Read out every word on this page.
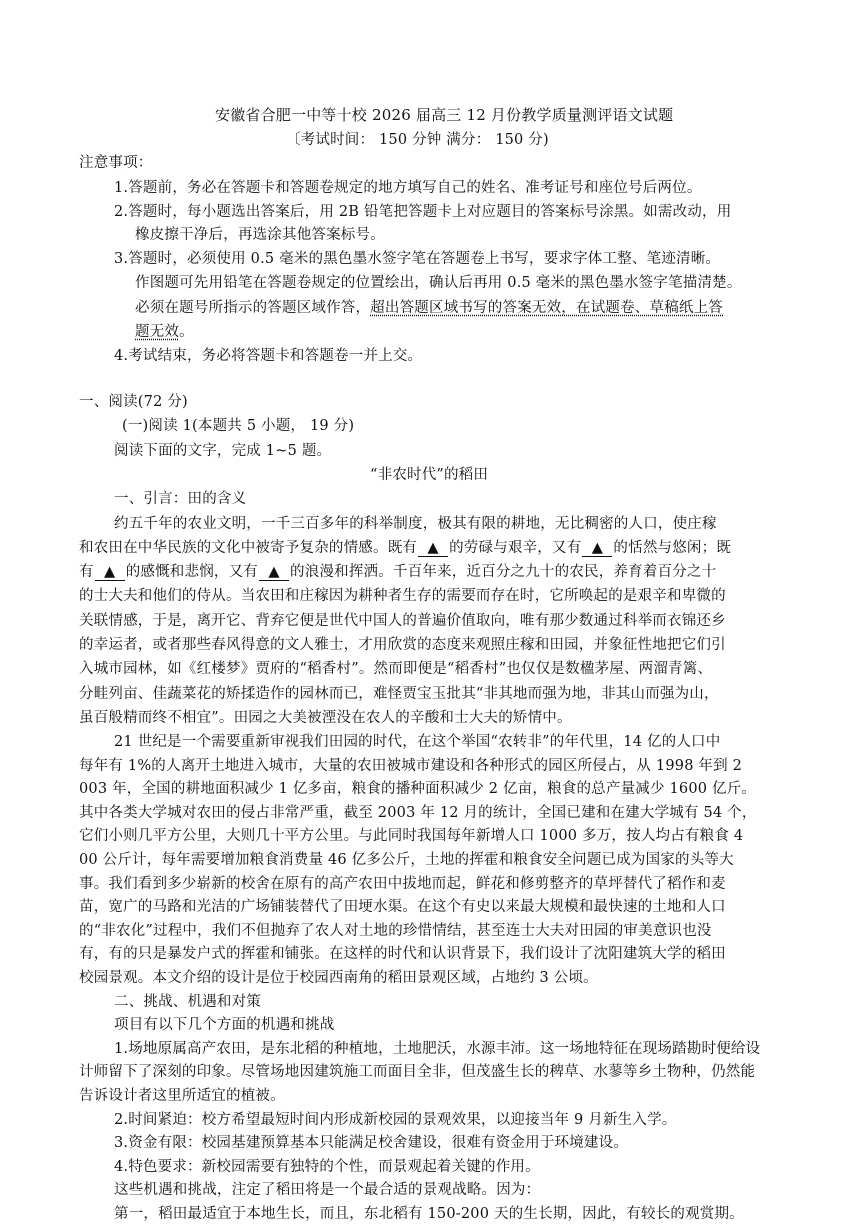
安徽省合肥一中等十校 2026 届高三 12 月份教学质量测评语文试题
〔考试时间： 150 分钟 满分： 150 分)
注意事项：
1.答题前，务必在答题卡和答题卷规定的地方填写自己的姓名、准考证号和座位号后两位。
2.答题时，每小题选出答案后，用 2B 铅笔把答题卡上对应题目的答案标号涂黑。如需改动，用
橡皮擦干净后，再选涂其他答案标号。
3.答题时，必须使用 0.5 毫米的黑色墨水签字笔在答题卷上书写，要求字体工整、笔迹清晰。
作图题可先用铅笔在答题卷规定的位置绘出，确认后再用 0.5 毫米的黑色墨水签字笔描清楚。
必须在题号所指示的答题区域作答，超出答题区域书写的答案无效，在试题卷、草稿纸上答
题无效。
4.考试结束，务必将答题卡和答题卷一并上交。
一、阅读(72 分)
(一)阅读 1(本题共 5 小题， 19 分)
阅读下面的文字，完成 1~5 题。
“非农时代”的稻田
一、引言：田的含义
约五千年的农业文明，一千三百多年的科举制度，极其有限的耕地，无比稠密的人口，使庄稼
和农田在中华民族的文化中被寄予复杂的情感。既有 ▲ 的劳碌与艰辛，又有 ▲ 的恬然与悠闲；既
有 ▲ 的感慨和悲悯，又有 ▲ 的浪漫和挥洒。千百年来，近百分之九十的农民，养育着百分之十
的士大夫和他们的侍从。当农田和庄稼因为耕种者生存的需要而存在时，它所唤起的是艰辛和卑微的
关联情感，于是，离开它、背弃它便是世代中国人的普遍价值取向，唯有那少数通过科举而衣锦还乡
的幸运者，或者那些春风得意的文人雅士，才用欣赏的态度来观照庄稼和田园，并象征性地把它们引
入城市园林，如《红楼梦》贾府的“稻香村”。然而即便是“稻香村”也仅仅是数楹茅屋、两溜青篱、
分畦列亩、佳蔬菜花的矫揉造作的园林而已，难怪贾宝玉批其“非其地而强为地，非其山而强为山，
虽百般精而终不相宜”。田园之大美被湮没在农人的辛酸和士大夫的矫情中。
21 世纪是一个需要重新审视我们田园的时代，在这个举国“农转非”的年代里，14 亿的人口中
每年有 1%的人离开土地进入城市，大量的农田被城市建设和各种形式的园区所侵占，从 1998 年到 2
003 年，全国的耕地面积减少 1 亿多亩，粮食的播种面积减少 2 亿亩，粮食的总产量减少 1600 亿斤。
其中各类大学城对农田的侵占非常严重，截至 2003 年 12 月的统计，全国已建和在建大学城有 54 个，
它们小则几平方公里，大则几十平方公里。与此同时我国每年新增人口 1000 多万，按人均占有粮食 4
00 公斤计，每年需要增加粮食消费量 46 亿多公斤，土地的挥霍和粮食安全问题已成为国家的头等大
事。我们看到多少崭新的校舍在原有的高产农田中拔地而起，鲜花和修剪整齐的草坪替代了稻作和麦
苗，宽广的马路和光洁的广场铺装替代了田埂水渠。在这个有史以来最大规模和最快速的土地和人口
的“非农化”过程中，我们不但抛弃了农人对土地的珍惜情结，甚至连士大夫对田园的审美意识也没
有，有的只是暴发户式的挥霍和铺张。在这样的时代和认识背景下，我们设计了沈阳建筑大学的稻田
校园景观。本文介绍的设计是位于校园西南角的稻田景观区域，占地约 3 公顷。
二、挑战、机遇和对策
项目有以下几个方面的机遇和挑战
1.场地原属高产农田，是东北稻的种植地，土地肥沃，水源丰沛。这一场地特征在现场踏勘时便给设
计师留下了深刻的印象。尽管场地因建筑施工而面目全非，但茂盛生长的稗草、水蓼等乡土物种，仍然能
告诉设计者这里所适宜的植被。
2.时间紧迫：校方希望最短时间内形成新校园的景观效果，以迎接当年 9 月新生入学。
3.资金有限：校园基建预算基本只能满足校舍建设，很难有资金用于环境建设。
4.特色要求：新校园需要有独特的个性，而景观起着关键的作用。
这些机遇和挑战，注定了稻田将是一个最合适的景观战略。因为：
第一，稻田最适宜于本地生长，而且，东北稻有 150-200 天的生长期，因此，有较长的观赏期。
